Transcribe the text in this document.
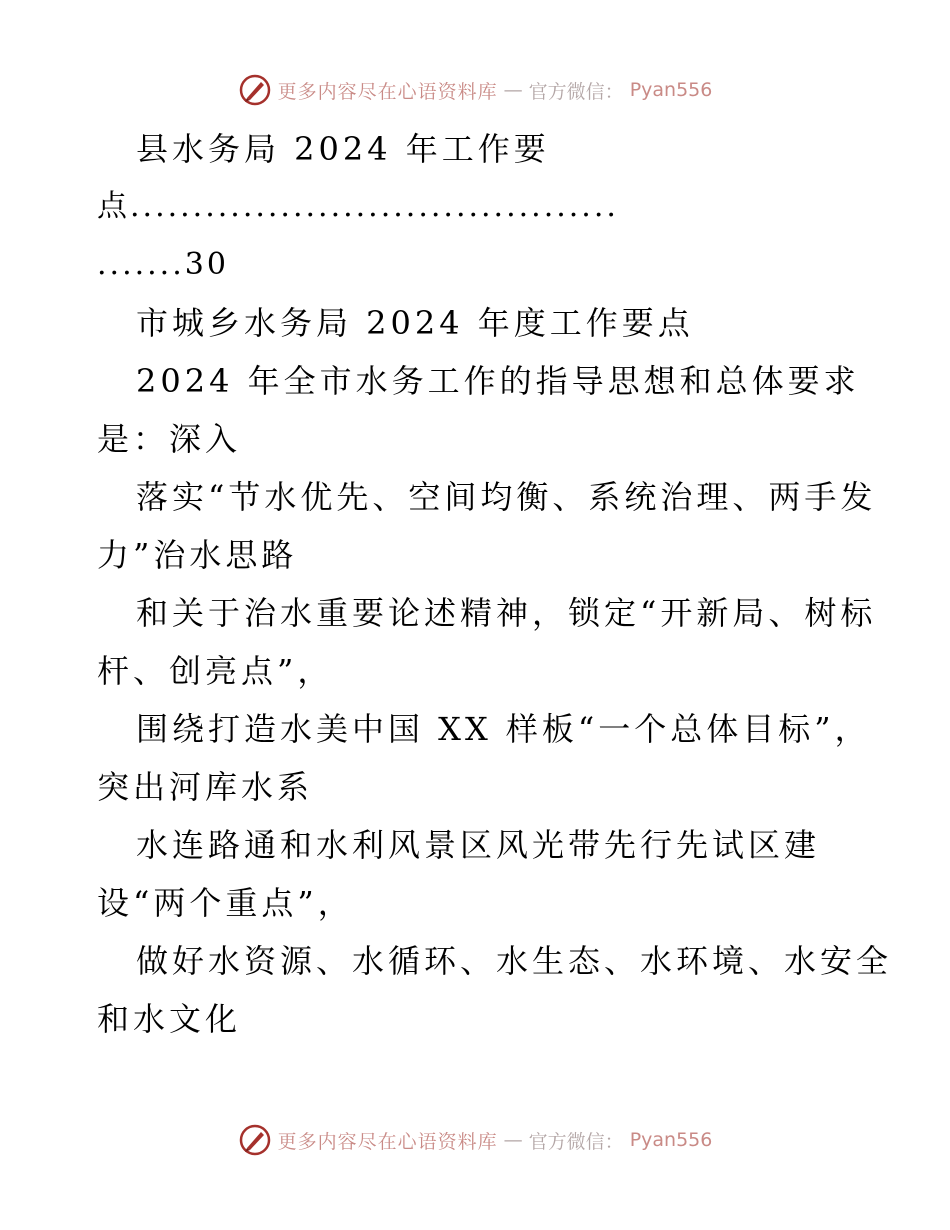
更多内容尽在心语资料库 — 官方微信： Pyan556
县水务局 2024 年工作要
点.......................................
.......30
市城乡水务局 2024 年度工作要点
2024 年全市水务工作的指导思想和总体要求
是：深入
落实“节水优先、空间均衡、系统治理、两手发
力”治水思路
和关于治水重要论述精神，锁定“开新局、树标
杆、创亮点”，
围绕打造水美中国 XX 样板“一个总体目标”，
突出河库水系
水连路通和水利风景区风光带先行先试区建
设“两个重点”，
做好水资源、水循环、水生态、水环境、水安全
和水文化
更多内容尽在心语资料库 — 官方微信： Pyan556
